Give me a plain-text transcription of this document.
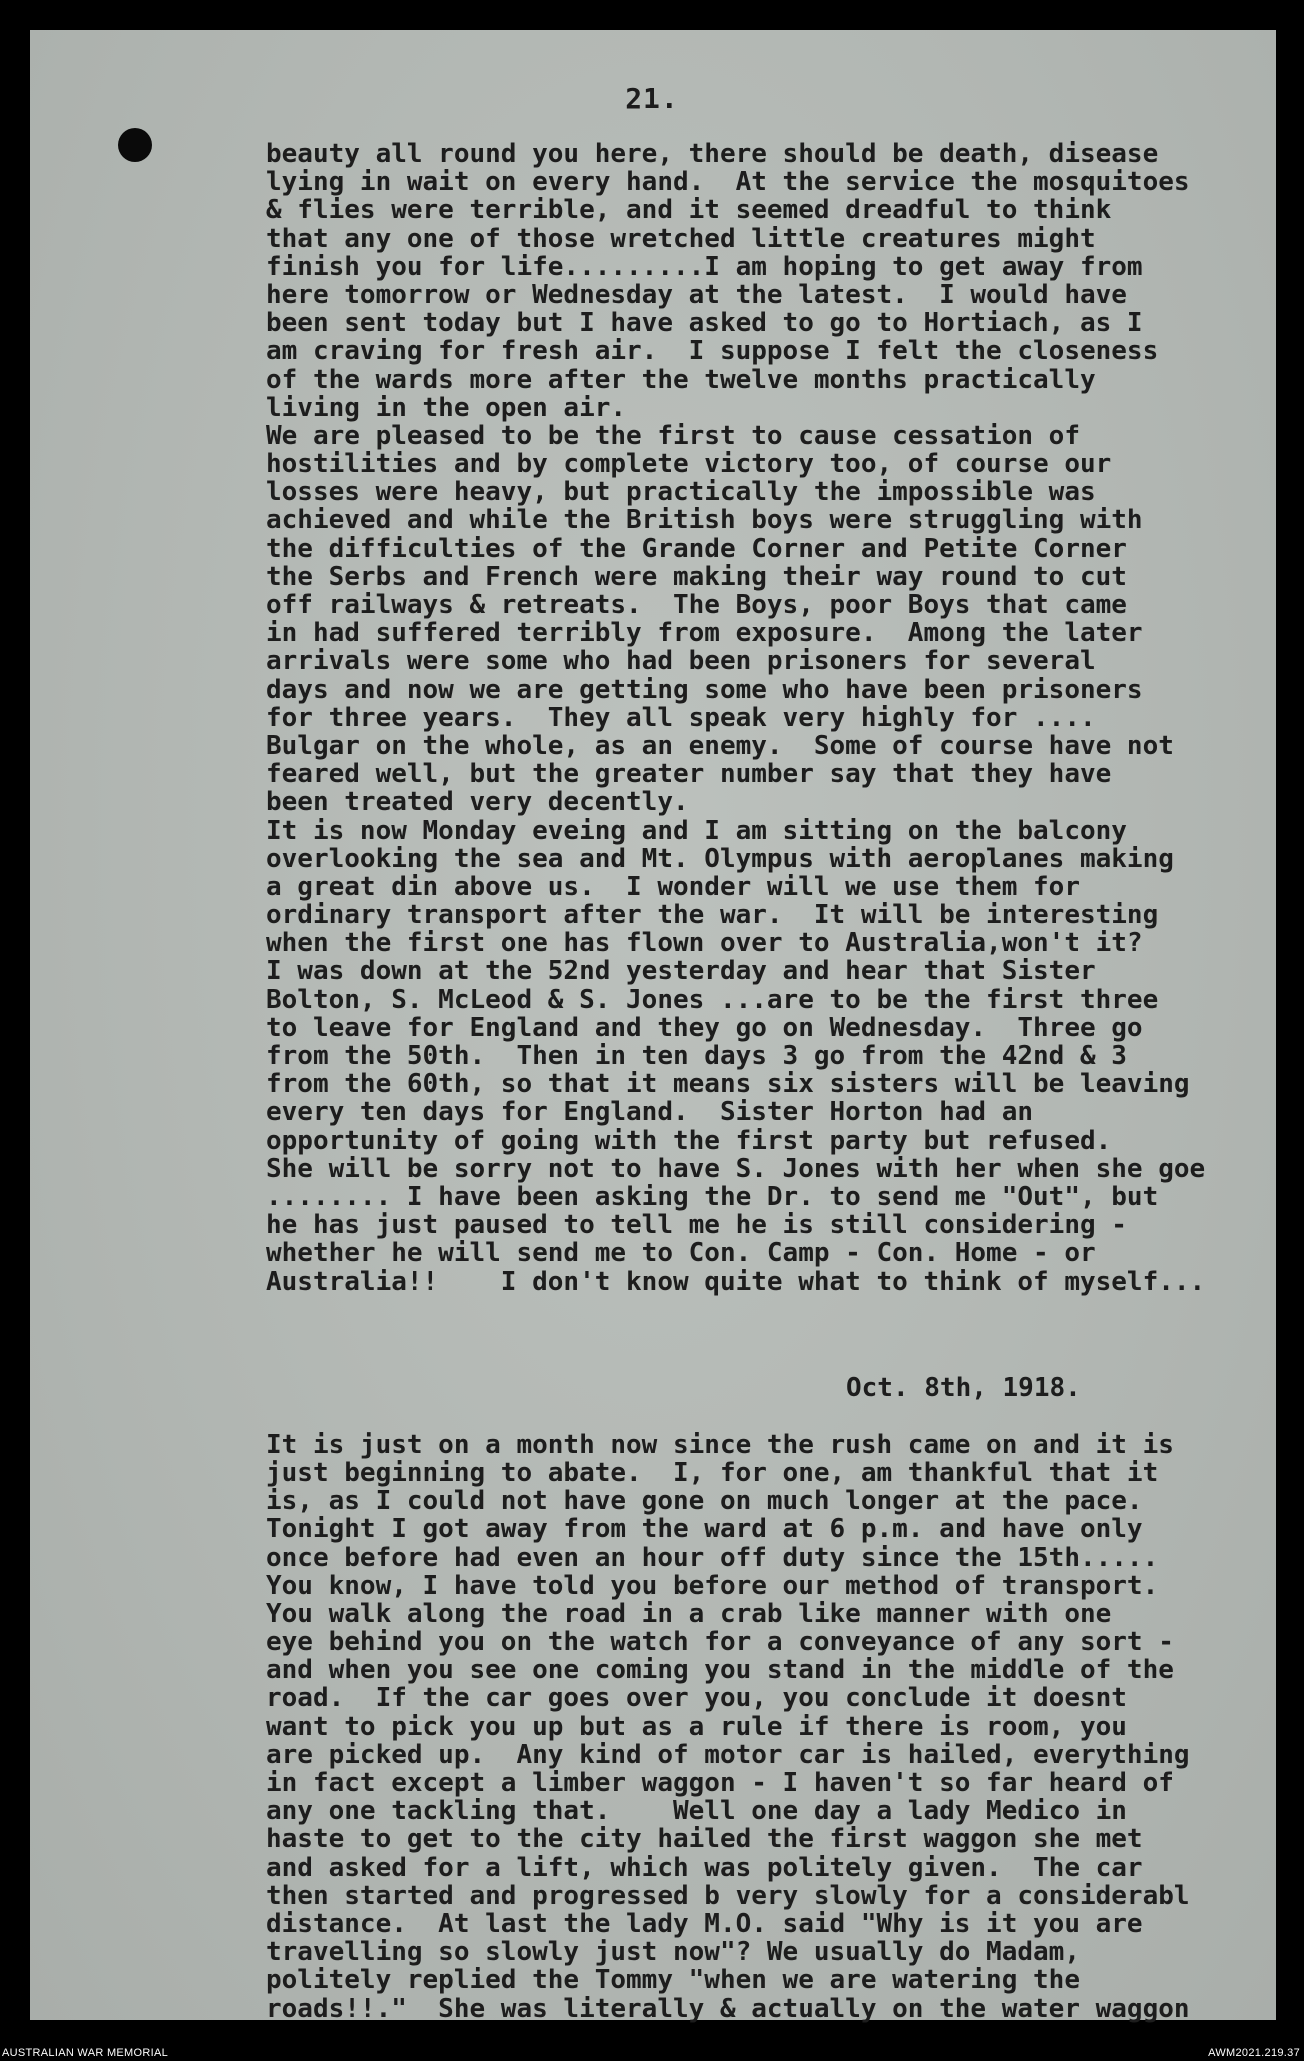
21.
beauty all round you here, there should be death, disease
lying in wait on every hand.  At the service the mosquitoes
& flies were terrible, and it seemed dreadful to think
that any one of those wretched little creatures might
finish you for life.........I am hoping to get away from
here tomorrow or Wednesday at the latest.  I would have
been sent today but I have asked to go to Hortiach, as I
am craving for fresh air.  I suppose I felt the closeness
of the wards more after the twelve months practically
living in the open air.
We are pleased to be the first to cause cessation of
hostilities and by complete victory too, of course our
losses were heavy, but practically the impossible was
achieved and while the British boys were struggling with
the difficulties of the Grande Corner and Petite Corner
the Serbs and French were making their way round to cut
off railways & retreats.  The Boys, poor Boys that came
in had suffered terribly from exposure.  Among the later
arrivals were some who had been prisoners for several
days and now we are getting some who have been prisoners
for three years.  They all speak very highly for ....
Bulgar on the whole, as an enemy.  Some of course have not
feared well, but the greater number say that they have
been treated very decently.
It is now Monday eveing and I am sitting on the balcony
overlooking the sea and Mt. Olympus with aeroplanes making
a great din above us.  I wonder will we use them for
ordinary transport after the war.  It will be interesting
when the first one has flown over to Australia,won't it?
I was down at the 52nd yesterday and hear that Sister
Bolton, S. McLeod & S. Jones ...are to be the first three
to leave for England and they go on Wednesday.  Three go
from the 50th.  Then in ten days 3 go from the 42nd & 3
from the 60th, so that it means six sisters will be leaving
every ten days for England.  Sister Horton had an
opportunity of going with the first party but refused.
She will be sorry not to have S. Jones with her when she goe
........ I have been asking the Dr. to send me "Out", but
he has just paused to tell me he is still considering -
whether he will send me to Con. Camp - Con. Home - or
Australia!!    I don't know quite what to think of myself...

Oct. 8th, 1918.

It is just on a month now since the rush came on and it is
just beginning to abate.  I, for one, am thankful that it
is, as I could not have gone on much longer at the pace.
Tonight I got away from the ward at 6 p.m. and have only
once before had even an hour off duty since the 15th.....
You know, I have told you before our method of transport.
You walk along the road in a crab like manner with one
eye behind you on the watch for a conveyance of any sort -
and when you see one coming you stand in the middle of the
road.  If the car goes over you, you conclude it doesnt
want to pick you up but as a rule if there is room, you
are picked up.  Any kind of motor car is hailed, everything
in fact except a limber waggon - I haven't so far heard of
any one tackling that.    Well one day a lady Medico in
haste to get to the city hailed the first waggon she met
and asked for a lift, which was politely given.  The car
then started and progressed b very slowly for a considerabl
distance.  At last the lady M.O. said "Why is it you are
travelling so slowly just now"? We usually do Madam,
politely replied the Tommy "when we are watering the
roads!!."  She was literally & actually on the water waggon
AUSTRALIAN WAR MEMORIAL	AWM2021.219.37
